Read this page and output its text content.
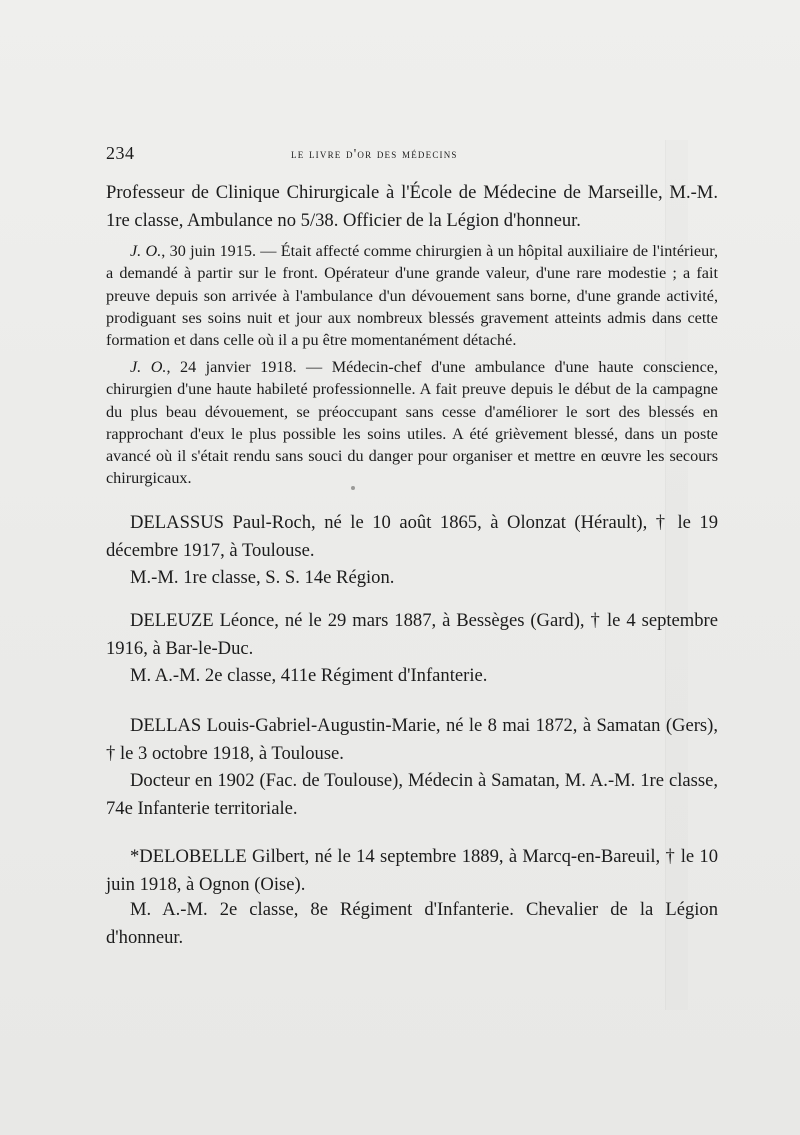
234	le livre d'or des médecins

Professeur de Clinique Chirurgicale à l'École de Médecine de Marseille, M.-M. 1re classe, Ambulance no 5/38. Officier de la Légion d'honneur.

J. O., 30 juin 1915. — Était affecté comme chirurgien à un hôpital auxiliaire de l'intérieur, a demandé à partir sur le front. Opérateur d'une grande valeur, d'une rare modestie ; a fait preuve depuis son arrivée à l'ambulance d'un dévouement sans borne, d'une grande activité, prodiguant ses soins nuit et jour aux nombreux blessés gravement atteints admis dans cette formation et dans celle où il a pu être momentanément détaché.

J. O., 24 janvier 1918. — Médecin-chef d'une ambulance d'une haute conscience, chirurgien d'une haute habileté professionnelle. A fait preuve depuis le début de la campagne du plus beau dévouement, se préoccupant sans cesse d'améliorer le sort des blessés en rapprochant d'eux le plus possible les soins utiles. A été grièvement blessé, dans un poste avancé où il s'était rendu sans souci du danger pour organiser et mettre en œuvre les secours chirurgicaux.

DELASSUS Paul-Roch, né le 10 août 1865, à Olonzat (Hérault), † le 19 décembre 1917, à Toulouse.

M.-M. 1re classe, S. S. 14e Région.

DELEUZE Léonce, né le 29 mars 1887, à Bessèges (Gard), † le 4 septembre 1916, à Bar-le-Duc.

M. A.-M. 2e classe, 411e Régiment d'Infanterie.

DELLAS Louis-Gabriel-Augustin-Marie, né le 8 mai 1872, à Samatan (Gers), † le 3 octobre 1918, à Toulouse.

Docteur en 1902 (Fac. de Toulouse), Médecin à Samatan, M. A.-M. 1re classe, 74e Infanterie territoriale.

*DELOBELLE Gilbert, né le 14 septembre 1889, à Marcq-en-Bareuil, † le 10 juin 1918, à Ognon (Oise).

M. A.-M. 2e classe, 8e Régiment d'Infanterie. Chevalier de la Légion d'honneur.
